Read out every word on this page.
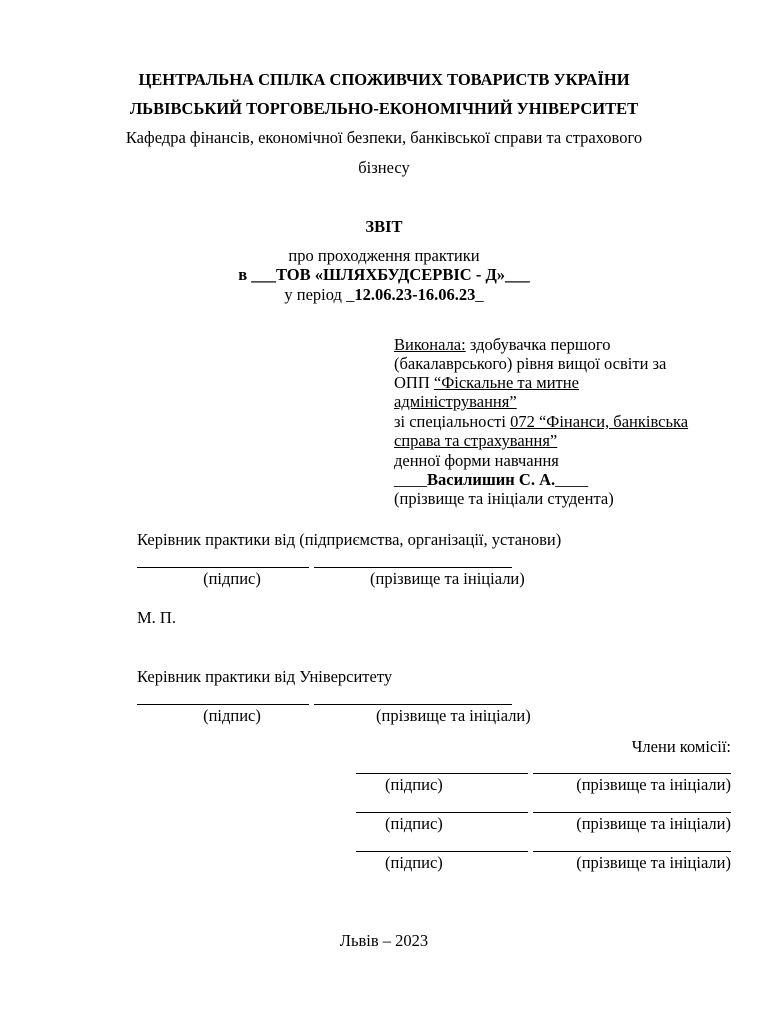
ЦЕНТРАЛЬНА СПІЛКА СПОЖИВЧИХ ТОВАРИСТВ УКРАЇНИ
ЛЬВІВСЬКИЙ ТОРГОВЕЛЬНО-ЕКОНОМІЧНИЙ УНІВЕРСИТЕТ
Кафедра фінансів, економічної безпеки, банківської справи та страхового
бізнесу
ЗВІТ
про проходження практики
в ___ТОВ «ШЛЯХБУДСЕРВІС - Д»___
у період _12.06.23-16.06.23_
Виконала: здобувачка першого
(бакалаврського) рівня вищої освіти за
ОПП “Фіскальне та митне
адміністрування”
зі спеціальності 072 “Фінанси, банківська
справа та страхування”
денної форми навчання
____Василишин С. А.____
(прізвище та ініціали студента)
Керівник практики від (підприємства, організації, установи)
(підпис)	(прізвище та ініціали)
М. П.
Керівник практики від Університету
(підпис)	(прізвище та ініціали)
Члени комісії:
(підпис)	(прізвище та ініціали)
(підпис)	(прізвище та ініціали)
(підпис)	(прізвище та ініціали)
Львів – 2023
